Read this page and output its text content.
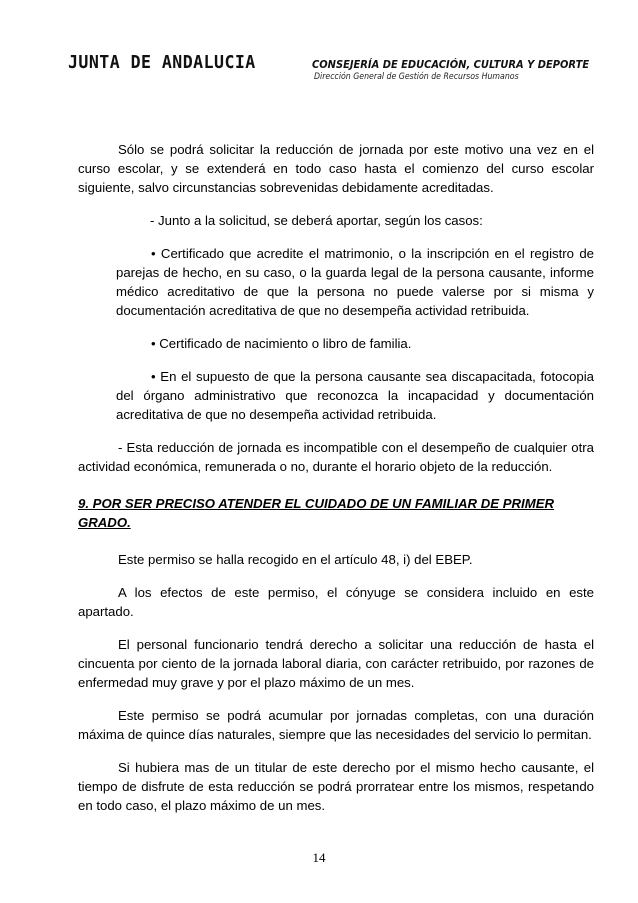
JUNTA DE ANDALUCIA	CONSEJERÍA DE EDUCACIÓN, CULTURA Y DEPORTE
Dirección General de Gestión de Recursos Humanos

Sólo se podrá solicitar la reducción de jornada por este motivo una vez en el curso escolar, y se extenderá en todo caso hasta el comienzo del curso escolar siguiente, salvo circunstancias sobrevenidas debidamente acreditadas.

- Junto a la solicitud, se deberá aportar, según los casos:

• Certificado que acredite el matrimonio, o la inscripción en el registro de parejas de hecho, en su caso, o la guarda legal de la persona causante, informe médico acreditativo de que la persona no puede valerse por si misma y documentación acreditativa de que no desempeña actividad retribuida.

• Certificado de nacimiento o libro de familia.

• En el supuesto de que la persona causante sea discapacitada, fotocopia del órgano administrativo que reconozca la incapacidad y documentación acreditativa de que no desempeña actividad retribuida.

- Esta reducción de jornada es incompatible con el desempeño de cualquier otra actividad económica, remunerada o no, durante el horario objeto de la reducción.

9. POR SER PRECISO ATENDER EL CUIDADO DE UN FAMILIAR DE PRIMER GRADO.

Este permiso se halla recogido en el artículo 48, i) del EBEP.

A los efectos de este permiso, el cónyuge se considera incluido en este apartado.

El personal funcionario tendrá derecho a solicitar una reducción de hasta el cincuenta por ciento de la jornada laboral diaria, con carácter retribuido, por razones de enfermedad muy grave y por el plazo máximo de un mes.

Este permiso se podrá acumular por jornadas completas, con una duración máxima de quince días naturales, siempre que las necesidades del servicio lo permitan.

Si hubiera mas de un titular de este derecho por el mismo hecho causante, el tiempo de disfrute de esta reducción se podrá prorratear entre los mismos, respetando en todo caso, el plazo máximo de un mes.

14
